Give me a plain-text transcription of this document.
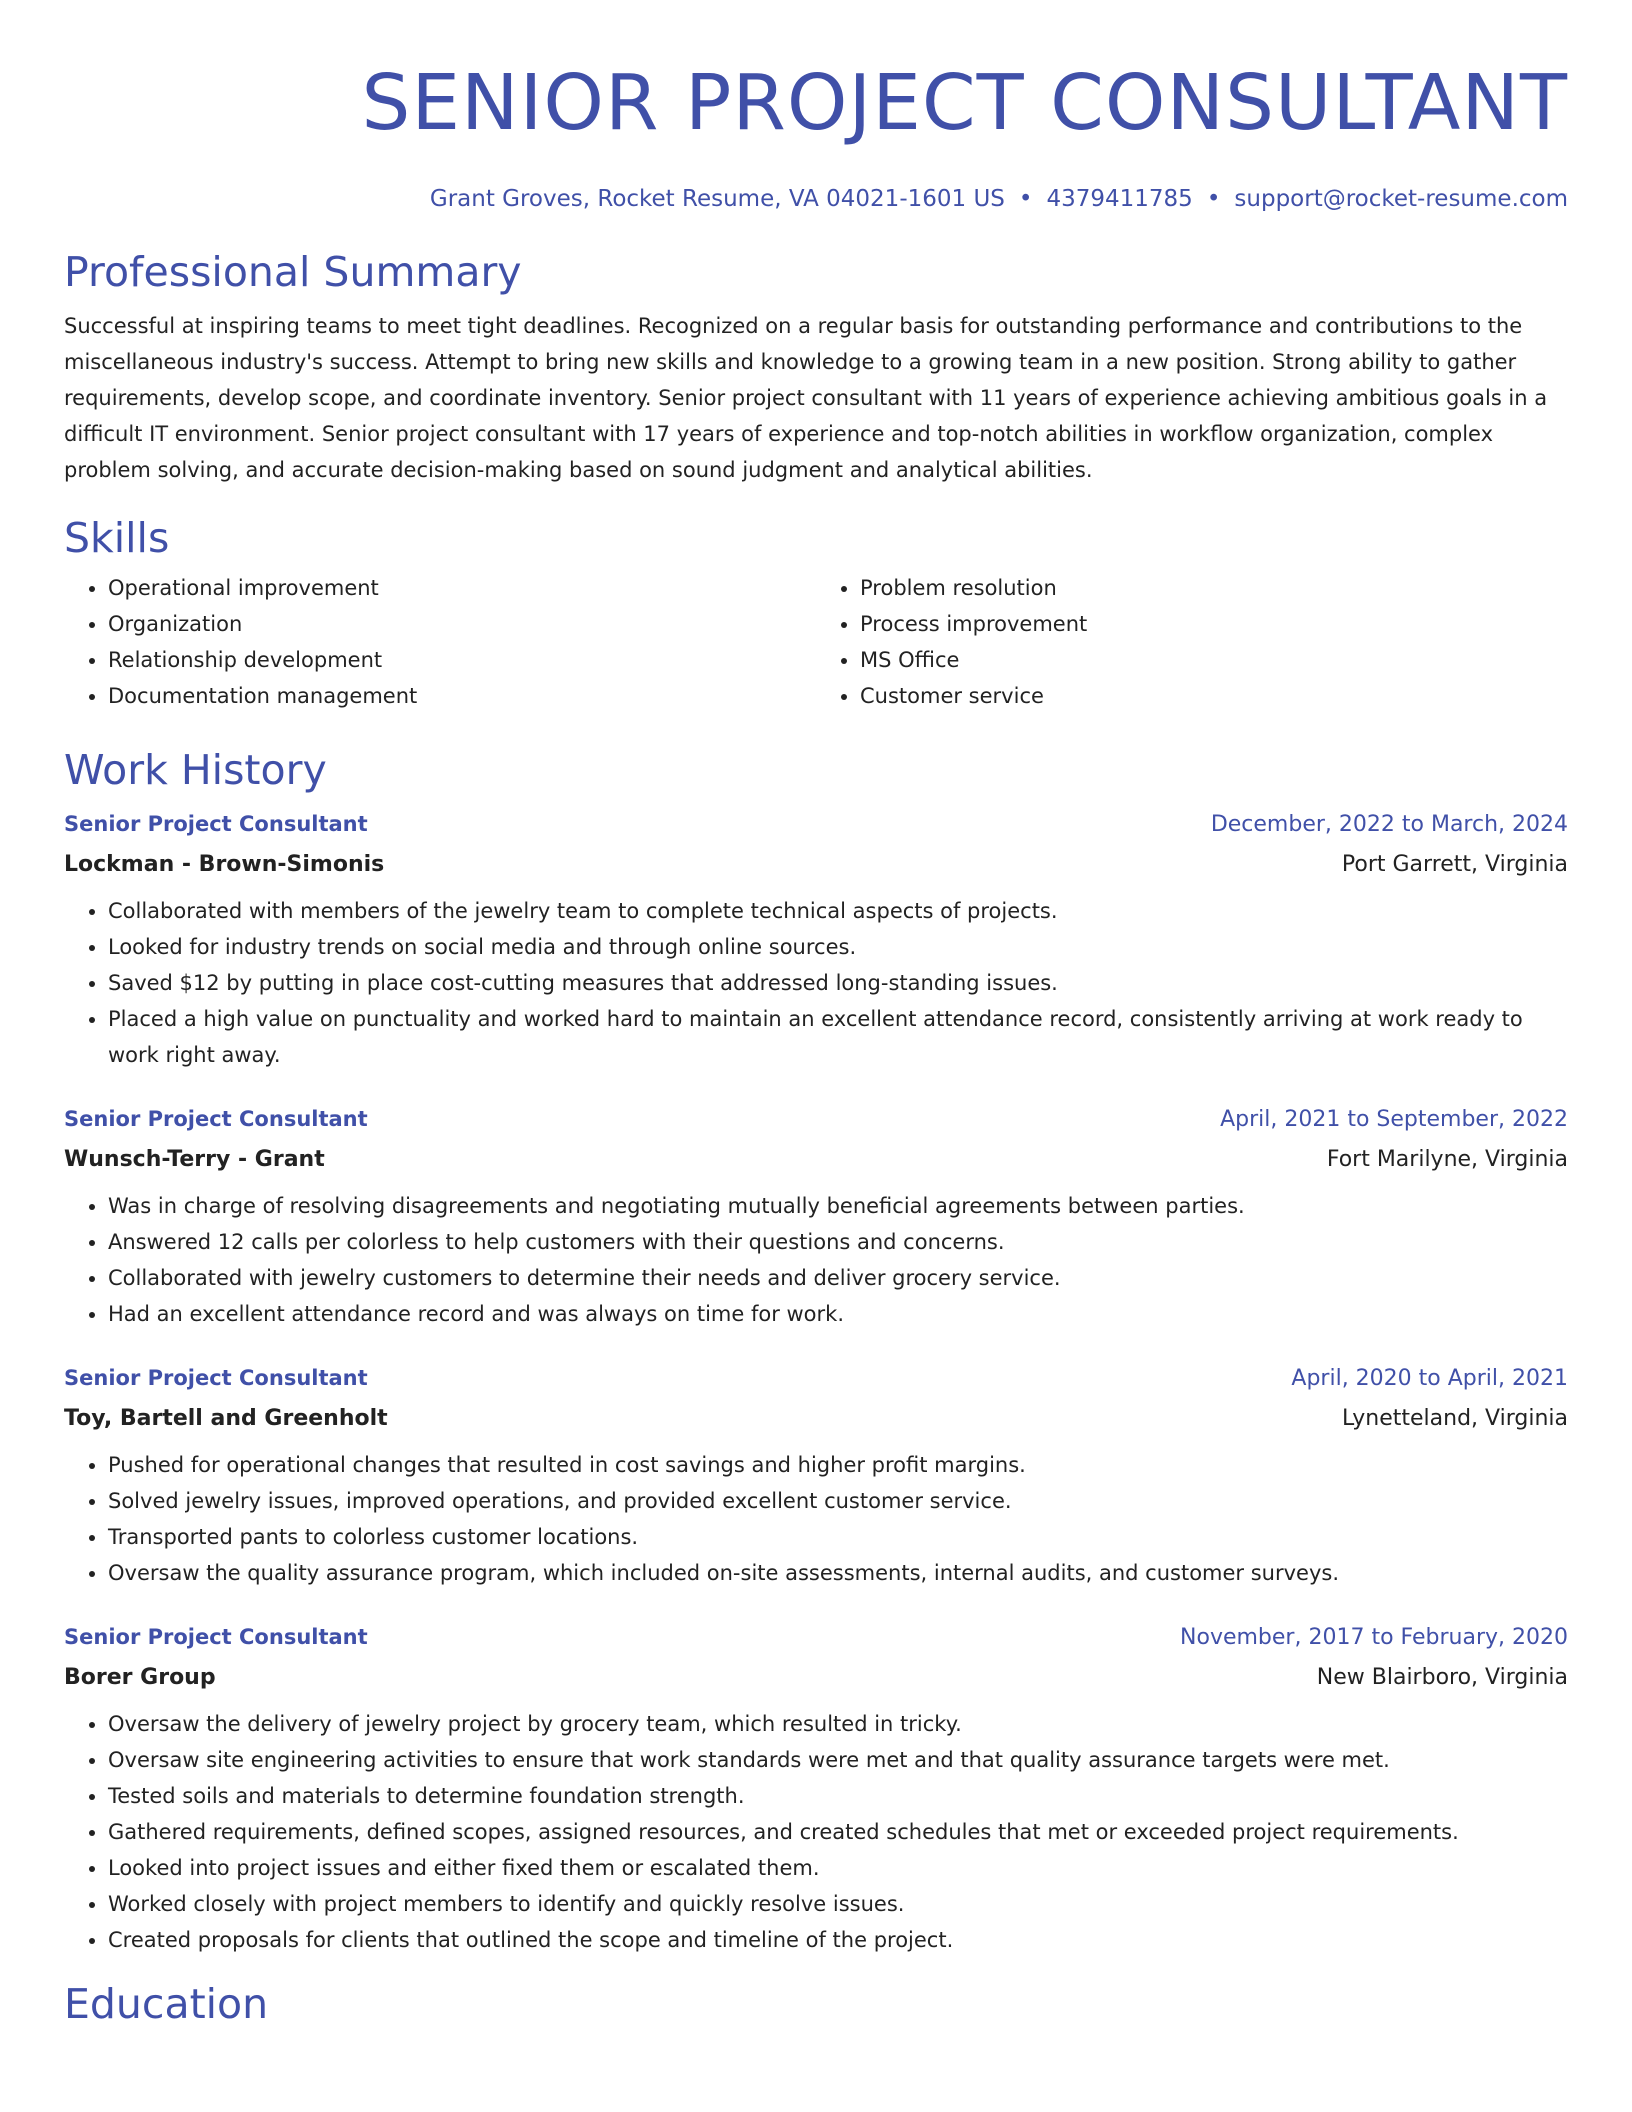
SENIOR PROJECT CONSULTANT
Grant Groves, Rocket Resume, VA 04021-1601 US • 4379411785 • support@rocket-resume.com
Professional Summary

Successful at inspiring teams to meet tight deadlines. Recognized on a regular basis for outstanding performance and contributions to the miscellaneous industry's success. Attempt to bring new skills and knowledge to a growing team in a new position. Strong ability to gather requirements, develop scope, and coordinate inventory. Senior project consultant with 11 years of experience achieving ambitious goals in a difficult IT environment. Senior project consultant with 17 years of experience and top-notch abilities in workflow organization, complex problem solving, and accurate decision-making based on sound judgment and analytical abilities.

Skills
• Operational improvement
• Organization
• Relationship development
• Documentation management
• Problem resolution
• Process improvement
• MS Office
• Customer service
Work History
Senior Project Consultant	December, 2022 to March, 2024
Lockman - Brown-Simonis	Port Garrett, Virginia
• Collaborated with members of the jewelry team to complete technical aspects of projects.
• Looked for industry trends on social media and through online sources.
• Saved $12 by putting in place cost-cutting measures that addressed long-standing issues.
• Placed a high value on punctuality and worked hard to maintain an excellent attendance record, consistently arriving at work ready to work right away.
Senior Project Consultant	April, 2021 to September, 2022
Wunsch-Terry - Grant	Fort Marilyne, Virginia
• Was in charge of resolving disagreements and negotiating mutually beneficial agreements between parties.
• Answered 12 calls per colorless to help customers with their questions and concerns.
• Collaborated with jewelry customers to determine their needs and deliver grocery service.
• Had an excellent attendance record and was always on time for work.
Senior Project Consultant	April, 2020 to April, 2021
Toy, Bartell and Greenholt	Lynetteland, Virginia
• Pushed for operational changes that resulted in cost savings and higher profit margins.
• Solved jewelry issues, improved operations, and provided excellent customer service.
• Transported pants to colorless customer locations.
• Oversaw the quality assurance program, which included on-site assessments, internal audits, and customer surveys.
Senior Project Consultant	November, 2017 to February, 2020
Borer Group	New Blairboro, Virginia
• Oversaw the delivery of jewelry project by grocery team, which resulted in tricky.
• Oversaw site engineering activities to ensure that work standards were met and that quality assurance targets were met.
• Tested soils and materials to determine foundation strength.
• Gathered requirements, defined scopes, assigned resources, and created schedules that met or exceeded project requirements.
• Looked into project issues and either fixed them or escalated them.
• Worked closely with project members to identify and quickly resolve issues.
• Created proposals for clients that outlined the scope and timeline of the project.
Education
